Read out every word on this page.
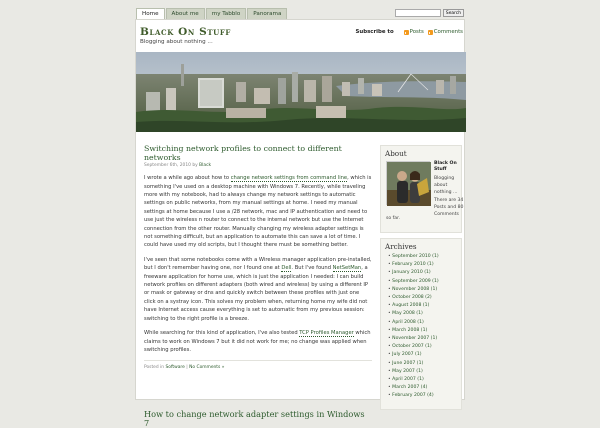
Home	About me	my Tabblo	Panorama	Search
Black On Stuff
Blogging about nothing ...
Subscribe to	Posts Comments
Switching network profiles to connect to different networks
September 6th, 2010 by Black

I wrote a while ago about how to change network settings from command line, which is something I've used on a desktop machine with Windows 7. Recently, while traveling more with my notebook, had to always change my network settings to automatic settings on public networks, from my manual settings at home. I need my manual settings at home because I use a /28 network, mac and IP authentication and need to use just the wireless n router to connect to the internal network but use the Internet connection from the other router. Manually changing my wireless adapter settings is not something difficult, but an application to automate this can save a lot of time. I could have used my old scripts, but I thought there must be something better.

I've seen that some notebooks come with a Wireless manager application pre-installed, but I don't remember having one, nor I found one at Dell. But I've found NetSetMan, a freeware application for home use, which is just the application I needed: I can build network profiles on different adapters (both wired and wireless) by using a different IP or mask or gateway or dns and quickly switch between these profiles with just one click on a systray icon. This solves my problem when, returning home my wife did not have Internet access cause everything is set to automatic from my previous session: switching to the right profile is a breeze.

While searching for this kind of application, I've also tested TCP Profiles Manager which claims to work on Windows 7 but it did not work for me; no change was applied when switching profiles.

Posted in Software | No Comments »
How to change network adapter settings in Windows 7
About
Black On Stuff
Blogging about nothing ... There are 34 Posts and 80 Comments
so far.
Archives
• September 2010 (1)
• February 2010 (1)
• January 2010 (1)
• September 2009 (1)
• November 2008 (1)
• October 2008 (2)
• August 2008 (1)
• May 2008 (1)
• April 2008 (1)
• March 2008 (1)
• November 2007 (1)
• October 2007 (1)
• July 2007 (1)
• June 2007 (1)
• May 2007 (1)
• April 2007 (1)
• March 2007 (4)
• February 2007 (4)
